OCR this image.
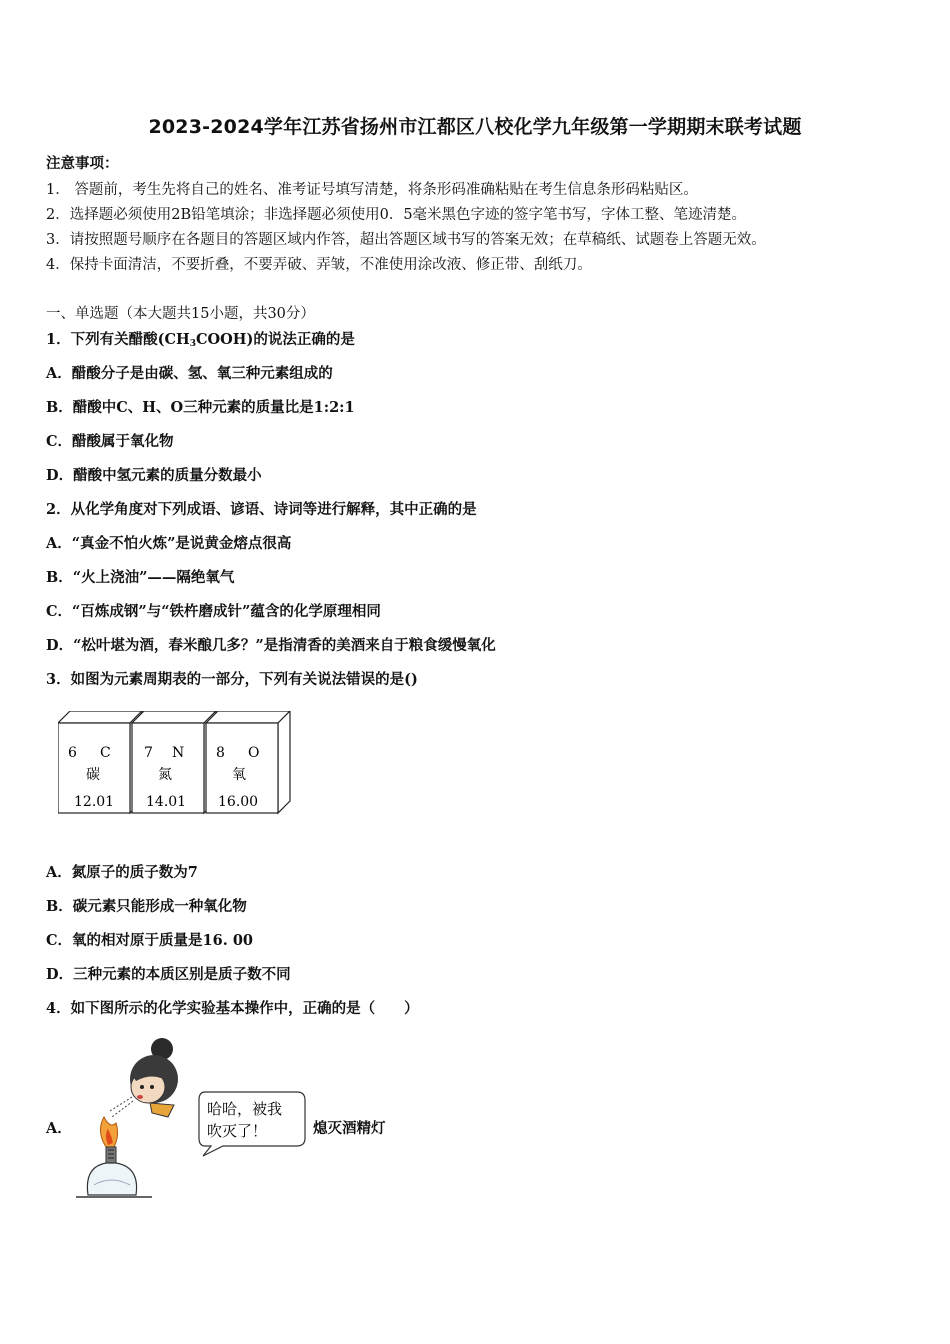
2023-2024学年江苏省扬州市江都区八校化学九年级第一学期期末联考试题
注意事项：
1． 答题前，考生先将自己的姓名、准考证号填写清楚，将条形码准确粘贴在考生信息条形码粘贴区。
2．选择题必须使用2B铅笔填涂；非选择题必须使用0．5毫米黑色字迹的签字笔书写，字体工整、笔迹清楚。
3．请按照题号顺序在各题目的答题区域内作答，超出答题区域书写的答案无效；在草稿纸、试题卷上答题无效。
4．保持卡面清洁，不要折叠，不要弄破、弄皱，不准使用涂改液、修正带、刮纸刀。
一、单选题（本大题共15小题，共30分）
1．下列有关醋酸$(CH_3COOH)$的说法正确的是
A．醋酸分子是由碳、氢、氧三种元素组成的
B．醋酸中C、H、O三种元素的质量比是1:2:1
C．醋酸属于氧化物
D．醋酸中氢元素的质量分数最小
2．从化学角度对下列成语、谚语、诗词等进行解释，其中正确的是
A．“真金不怕火炼”是说黄金熔点很高
B．“火上浇油”——隔绝氧气
C．“百炼成钢”与“铁杵磨成针”蕴含的化学原理相同
D．“松叶堪为酒，春米酿几多？”是指清香的美酒来自于粮食缓慢氧化
3．如图为元素周期表的一部分，下列有关说法错误的是()
6 C
碳
12.01
7 N
氮
14.01
8 O
氧
16.00
A．氮原子的质子数为7
B．碳元素只能形成一种氧化物
C．氧的相对原于质量是16. 00
D．三种元素的本质区别是质子数不同
4．如下图所示的化学实验基本操作中，正确的是（　　）
A．
哈哈，被我
吹灭了！	熄灭酒精灯
